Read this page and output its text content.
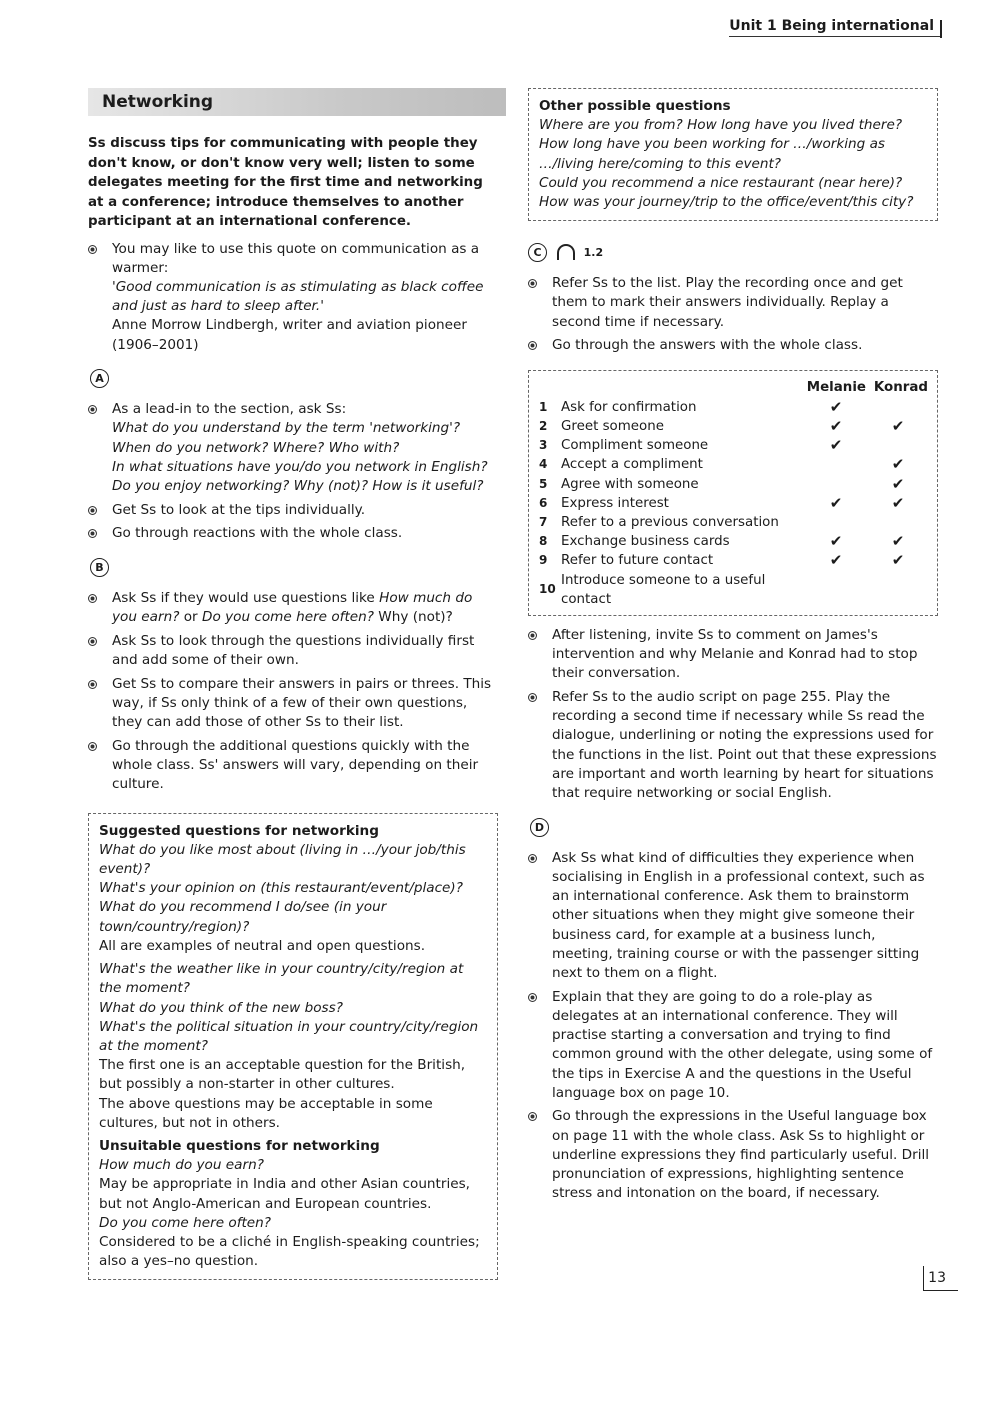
Unit 1 Being international
Networking
Ss discuss tips for communicating with people they don't know, or don't know very well; listen to some delegates meeting for the first time and networking at a conference; introduce themselves to another participant at an international conference.
You may like to use this quote on communication as a warmer:
'Good communication is as stimulating as black coffee and just as hard to sleep after.'
Anne Morrow Lindbergh, writer and aviation pioneer (1906–2001)
A
As a lead-in to the section, ask Ss:
What do you understand by the term 'networking'?
When do you network? Where? Who with?
In what situations have you/do you network in English?
Do you enjoy networking? Why (not)? How is it useful?
Get Ss to look at the tips individually.
Go through reactions with the whole class.
B
Ask Ss if they would use questions like How much do you earn? or Do you come here often? Why (not)?
Ask Ss to look through the questions individually first and add some of their own.
Get Ss to compare their answers in pairs or threes. This way, if Ss only think of a few of their own questions, they can add those of other Ss to their list.
Go through the additional questions quickly with the whole class. Ss' answers will vary, depending on their culture.
Suggested questions for networking
What do you like most about (living in …/your job/this event)?
What's your opinion on (this restaurant/event/place)?
What do you recommend I do/see (in your town/country/region)?
All are examples of neutral and open questions.
What's the weather like in your country/city/region at the moment?
What do you think of the new boss?
What's the political situation in your country/city/region at the moment?
The first one is an acceptable question for the British, but possibly a non-starter in other cultures.
The above questions may be acceptable in some cultures, but not in others.
Unsuitable questions for networking
How much do you earn?
May be appropriate in India and other Asian countries, but not Anglo-American and European countries.
Do you come here often?
Considered to be a cliché in English-speaking countries; also a yes–no question.
Other possible questions
Where are you from? How long have you lived there?
How long have you been working for …/working as …/living here/coming to this event?
Could you recommend a nice restaurant (near here)?
How was your journey/trip to the office/event/this city?
C	1.2
Refer Ss to the list. Play the recording once and get them to mark their answers individually. Replay a second time if necessary.
Go through the answers with the whole class.
		Melanie	Konrad
1	Ask for confirmation	✔	
2	Greet someone	✔	✔
3	Compliment someone	✔	
4	Accept a compliment		✔
5	Agree with someone		✔
6	Express interest	✔	✔
7	Refer to a previous conversation		
8	Exchange business cards	✔	✔
9	Refer to future contact	✔	✔
10	Introduce someone to a useful contact		
After listening, invite Ss to comment on James's intervention and why Melanie and Konrad had to stop their conversation.
Refer Ss to the audio script on page 255. Play the recording a second time if necessary while Ss read the dialogue, underlining or noting the expressions used for the functions in the list. Point out that these expressions are important and worth learning by heart for situations that require networking or social English.
D
Ask Ss what kind of difficulties they experience when socialising in English in a professional context, such as an international conference. Ask them to brainstorm other situations when they might give someone their business card, for example at a business lunch, meeting, training course or with the passenger sitting next to them on a flight.
Explain that they are going to do a role-play as delegates at an international conference. They will practise starting a conversation and trying to find common ground with the other delegate, using some of the tips in Exercise A and the questions in the Useful language box on page 10.
Go through the expressions in the Useful language box on page 11 with the whole class. Ask Ss to highlight or underline expressions they find particularly useful. Drill pronunciation of expressions, highlighting sentence stress and intonation on the board, if necessary.
13
